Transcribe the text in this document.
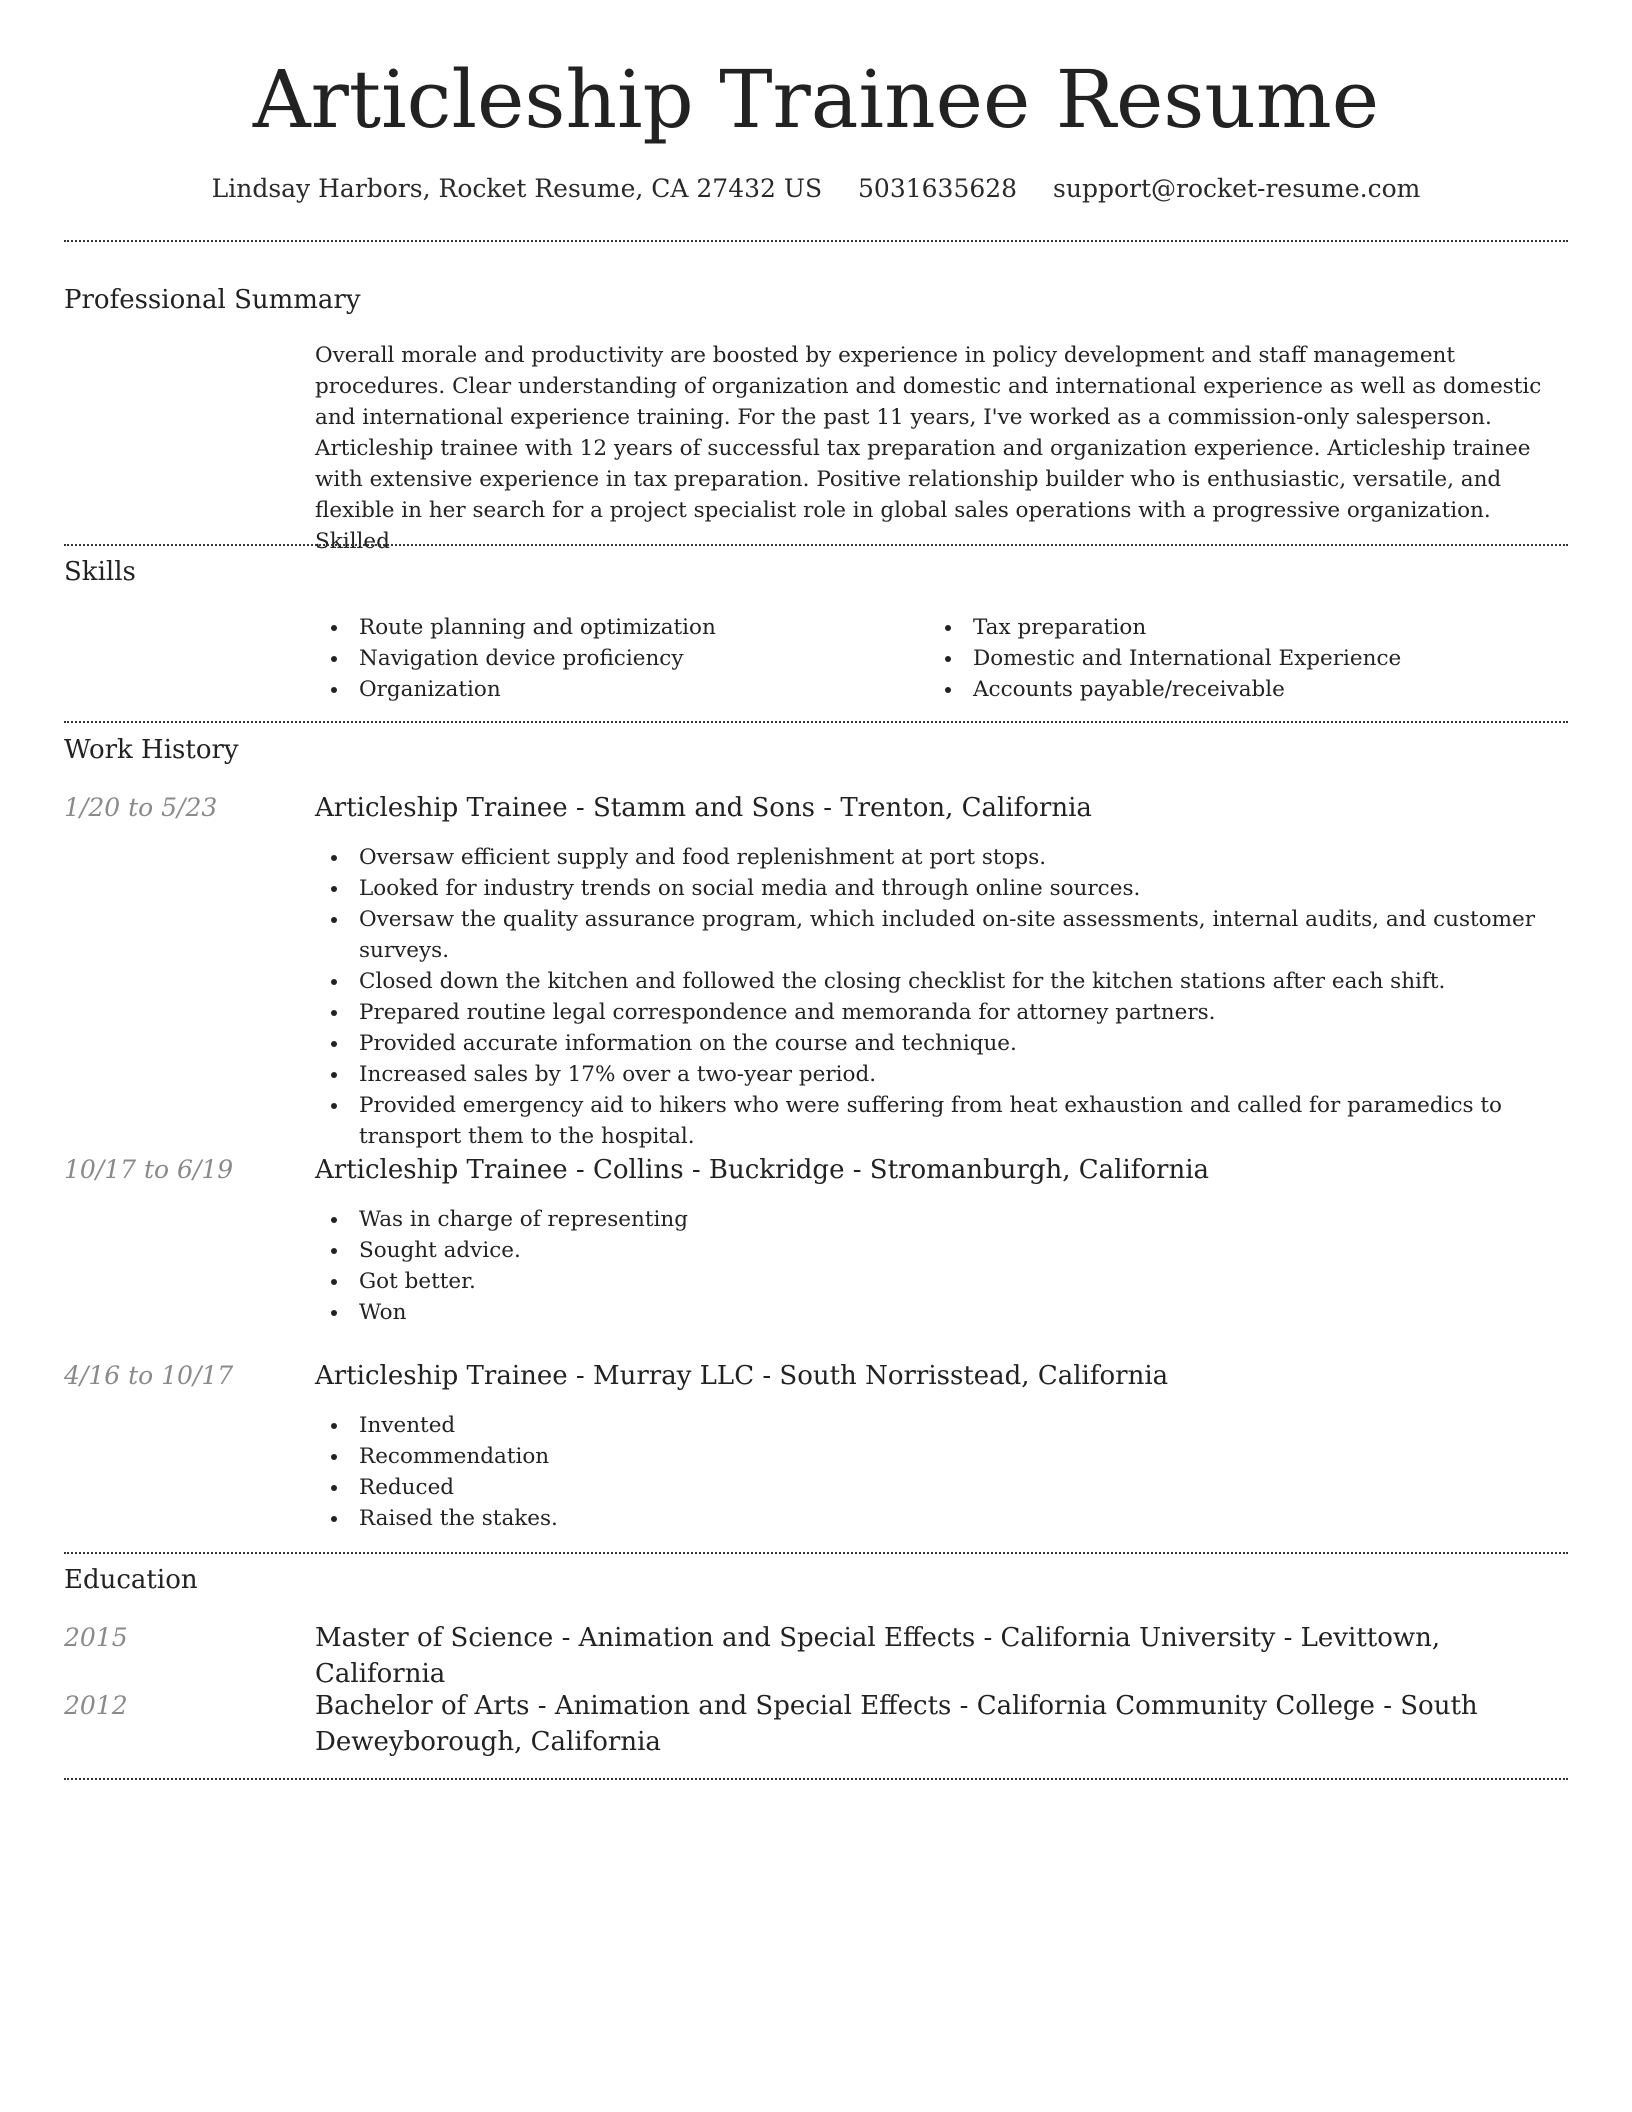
Articleship Trainee Resume
Lindsay Harbors, Rocket Resume, CA 27432 US 5031635628 support@rocket-resume.com
Professional Summary

Overall morale and productivity are boosted by experience in policy development and staff management procedures. Clear understanding of organization and domestic and international experience as well as domestic and international experience training. For the past 11 years, I've worked as a commission-only salesperson. Articleship trainee with 12 years of successful tax preparation and organization experience. Articleship trainee with extensive experience in tax preparation. Positive relationship builder who is enthusiastic, versatile, and flexible in her search for a project specialist role in global sales operations with a progressive organization. Skilled

Skills
Route planning and optimization
Navigation device proficiency
Organization
Tax preparation
Domestic and International Experience
Accounts payable/receivable
Work History
1/20 to 5/23	Articleship Trainee - Stamm and Sons - Trenton, California
Oversaw efficient supply and food replenishment at port stops.
Looked for industry trends on social media and through online sources.
Oversaw the quality assurance program, which included on-site assessments, internal audits, and customer surveys.
Closed down the kitchen and followed the closing checklist for the kitchen stations after each shift.
Prepared routine legal correspondence and memoranda for attorney partners.
Provided accurate information on the course and technique.
Increased sales by 17% over a two-year period.
Provided emergency aid to hikers who were suffering from heat exhaustion and called for paramedics to transport them to the hospital.
10/17 to 6/19	Articleship Trainee - Collins - Buckridge - Stromanburgh, California
Was in charge of representing
Sought advice.
Got better.
Won
4/16 to 10/17	Articleship Trainee - Murray LLC - South Norrisstead, California
Invented
Recommendation
Reduced
Raised the stakes.
Education
2015	Master of Science - Animation and Special Effects - California University - Levittown, California
2012	Bachelor of Arts - Animation and Special Effects - California Community College - South Deweyborough, California
